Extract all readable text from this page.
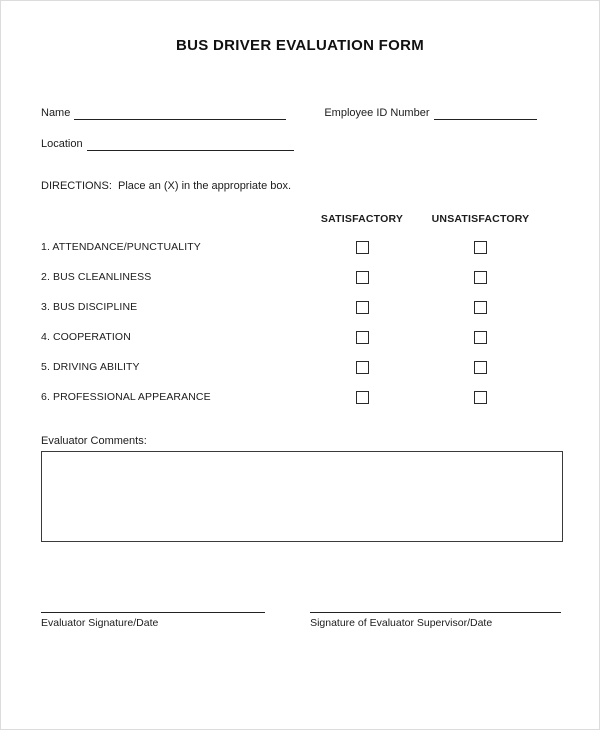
BUS DRIVER EVALUATION FORM
Name	Employee ID Number
Location
DIRECTIONS:  Place an (X) in the appropriate box.
SATISFACTORY	UNSATISFACTORY
1. ATTENDANCE/PUNCTUALITY
2. BUS CLEANLINESS
3. BUS DISCIPLINE
4. COOPERATION
5. DRIVING ABILITY
6. PROFESSIONAL APPEARANCE
Evaluator Comments:
Evaluator Signature/Date	Signature of Evaluator Supervisor/Date
